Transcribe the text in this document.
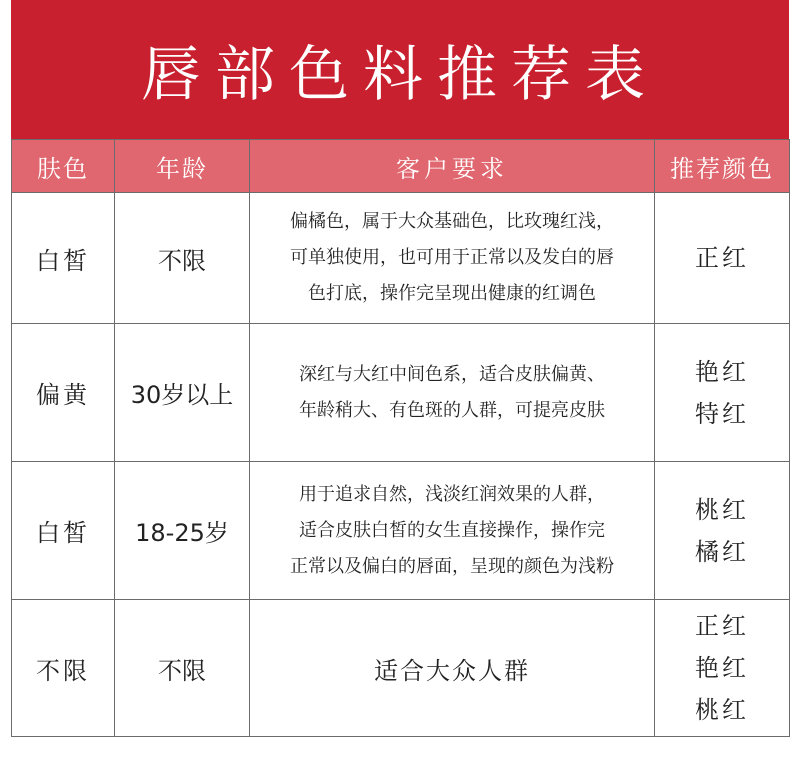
唇部色料推荐表
肤色	年龄	客户要求	推荐颜色
白皙	不限	偏橘色，属于大众基础色，比玫瑰红浅，
可单独使用，也可用于正常以及发白的唇
色打底，操作完呈现出健康的红调色	正红

偏黄	30岁以上	深红与大红中间色系，适合皮肤偏黄、
年龄稍大、有色斑的人群，可提亮皮肤	艳红
特红

白皙	18-25岁	用于追求自然，浅淡红润效果的人群，
适合皮肤白皙的女生直接操作，操作完
正常以及偏白的唇面，呈现的颜色为浅粉	桃红
橘红

不限	不限	适合大众人群	正红
艳红
桃红
